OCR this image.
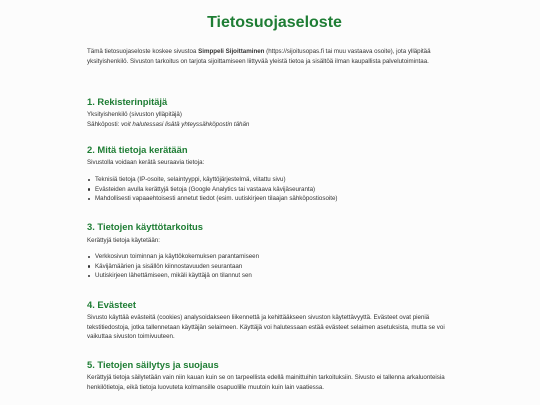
Tietosuojaseloste

Tämä tietosuojaseloste koskee sivustoa Simppeli Sijoittaminen (https://sijoitusopas.fi tai muu vastaava osoite), jota ylläpitää yksityishenkilö. Sivuston tarkoitus on tarjota sijoittamiseen liittyvää yleistä tietoa ja sisältöä ilman kaupallista palvelutoimintaa.

1. Rekisterinpitäjä

Yksityishenkilö (sivuston ylläpitäjä)

Sähköposti: voit halutessasi lisätä yhteyssähköpostin tähän

2. Mitä tietoja kerätään

Sivustolla voidaan kerätä seuraavia tietoja:

Teknisiä tietoja (IP-osoite, selaintyyppi, käyttöjärjestelmä, viitattu sivu)
Evästeiden avulla kerättyjä tietoja (Google Analytics tai vastaava kävijäseuranta)
Mahdollisesti vapaaehtoisesti annetut tiedot (esim. uutiskirjeen tilaajan sähköpostiosoite)
3. Tietojen käyttötarkoitus

Kerättyjä tietoja käytetään:

Verkkosivun toiminnan ja käyttökokemuksen parantamiseen
Kävijämäärien ja sisällön kiinnostavuuden seurantaan
Uutiskirjeen lähettämiseen, mikäli käyttäjä on tilannut sen
4. Evästeet

Sivusto käyttää evästeitä (cookies) analysoidakseen liikennettä ja kehittääkseen sivuston käytettävyyttä. Evästeet ovat pieniä tekstitiedostoja, jotka tallennetaan käyttäjän selaimeen. Käyttäjä voi halutessaan estää evästeet selaimen asetuksista, mutta se voi vaikuttaa sivuston toimivuuteen.

5. Tietojen säilytys ja suojaus

Kerättyjä tietoja säilytetään vain niin kauan kuin se on tarpeellista edellä mainittuihin tarkoituksiin. Sivusto ei tallenna arkaluonteisia henkilötietoja, eikä tietoja luovuteta kolmansille osapuolille muutoin kuin lain vaatiessa.
